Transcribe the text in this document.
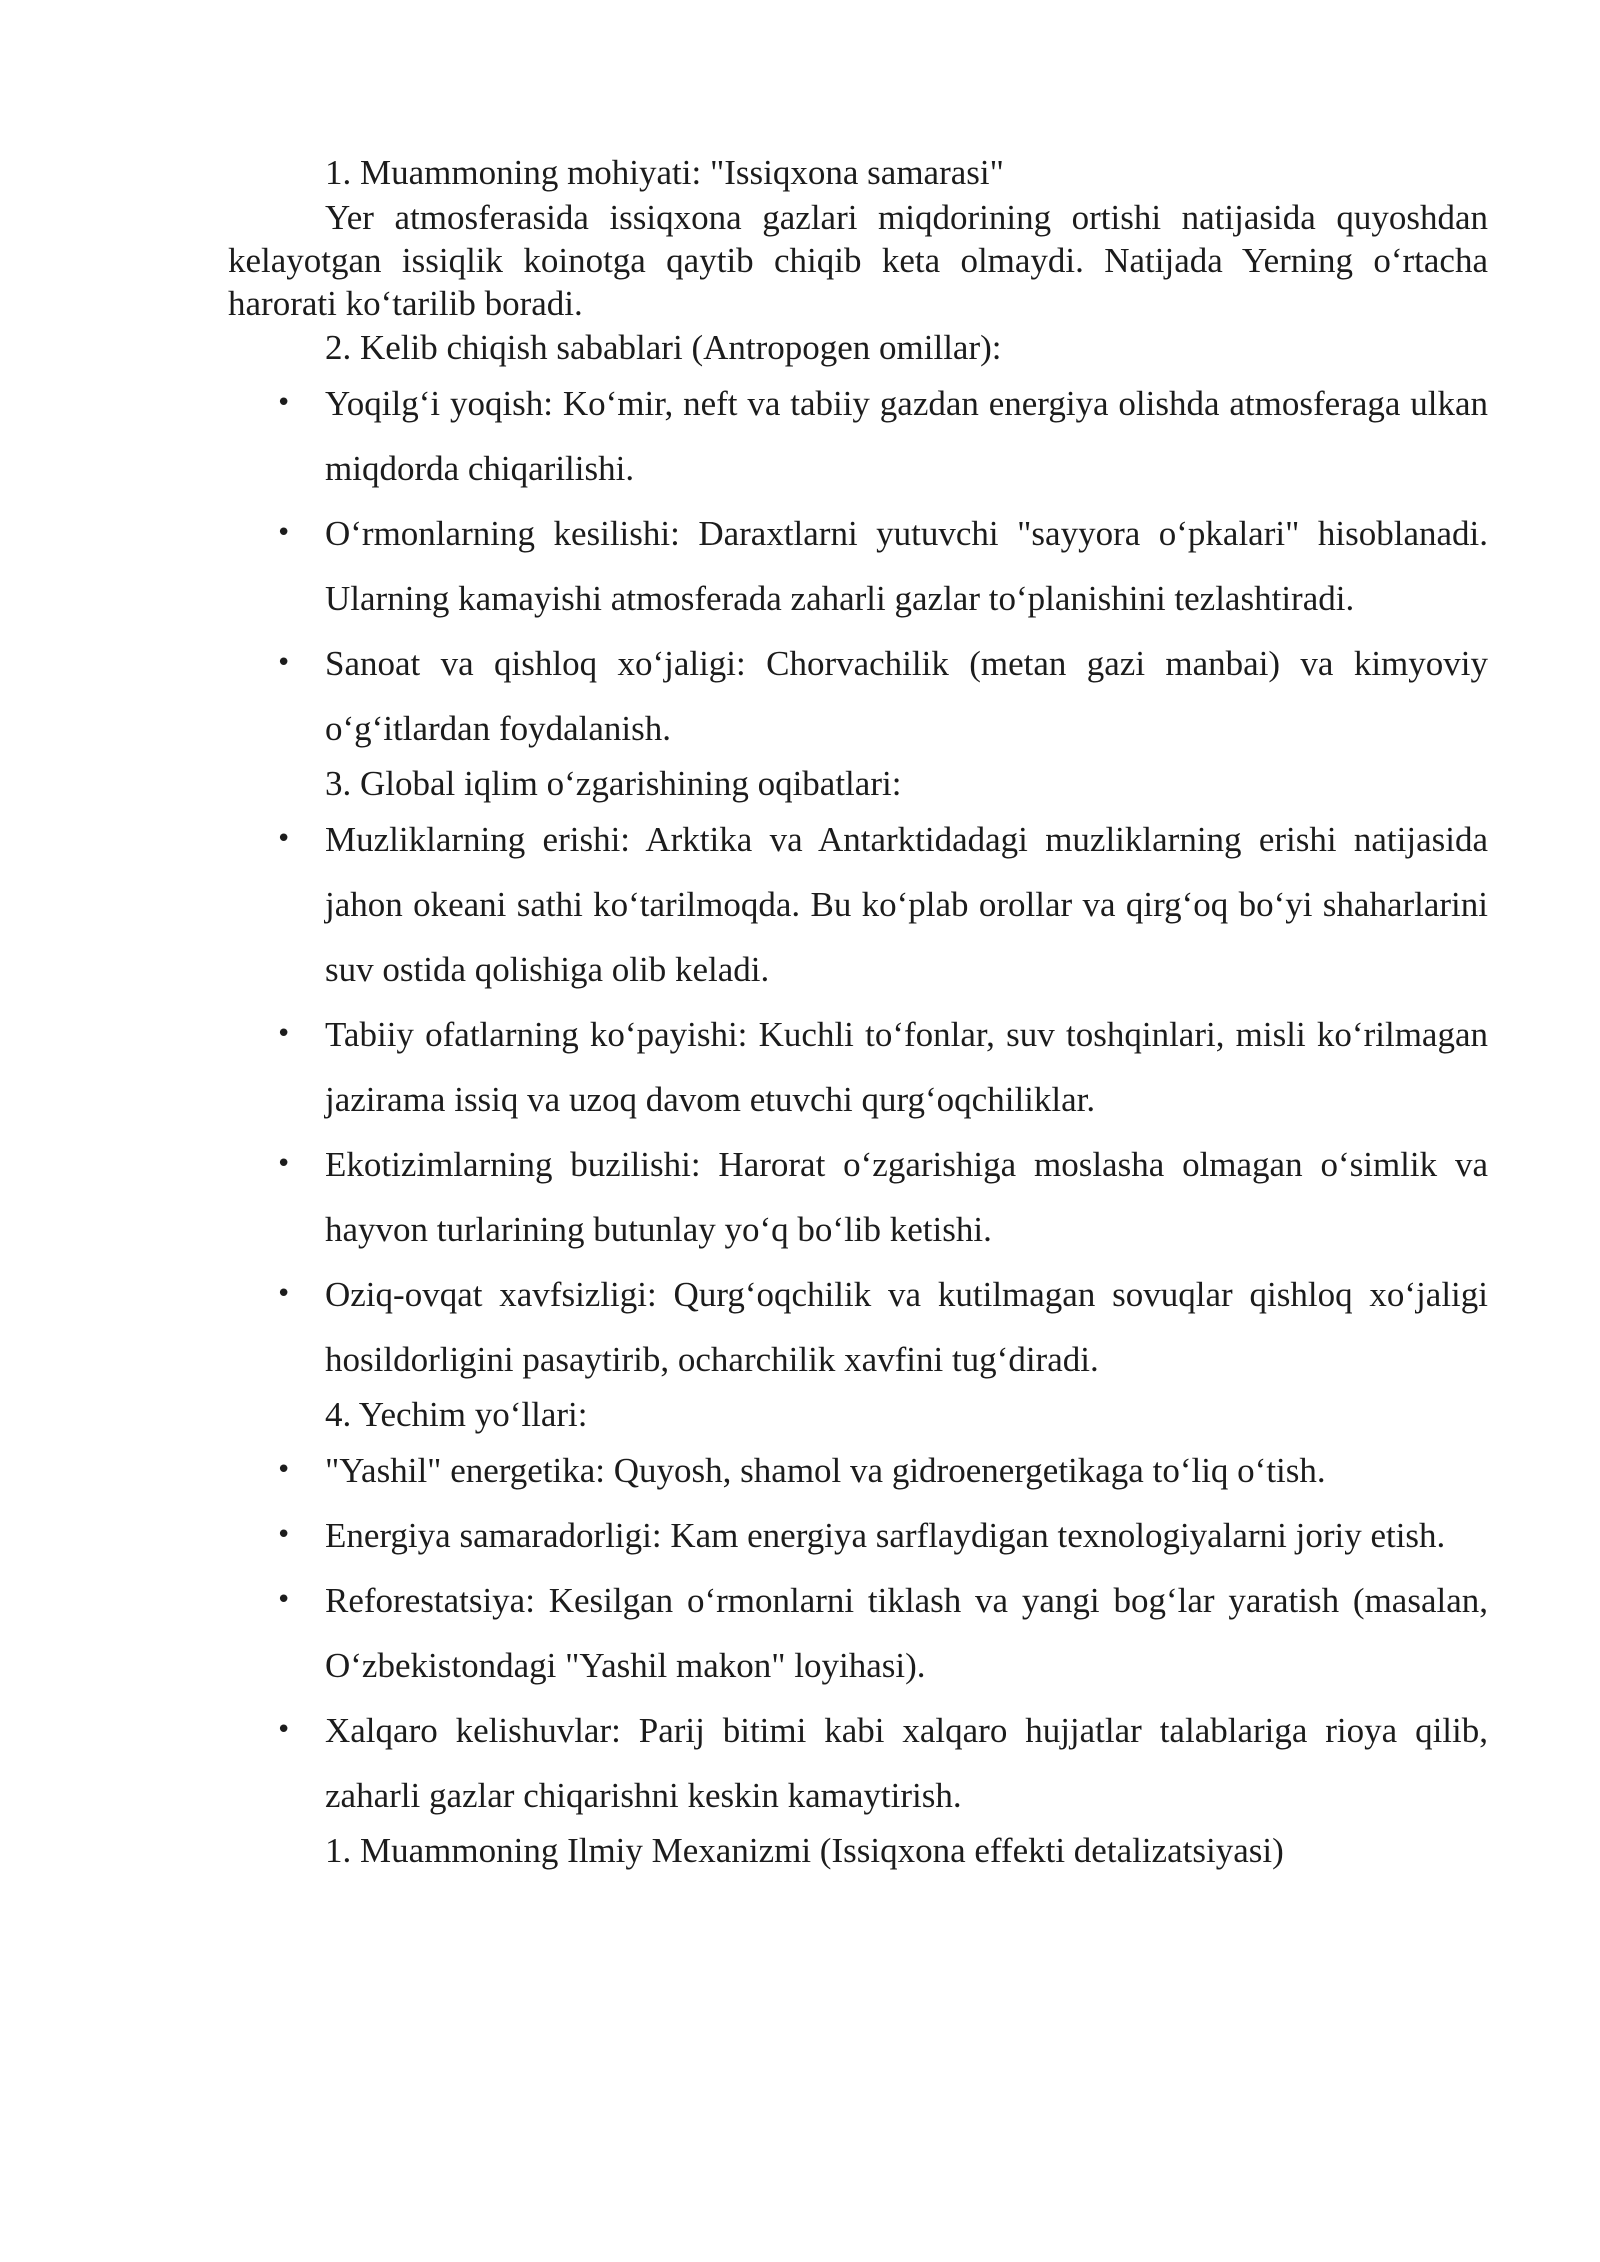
1. Muammoning mohiyati: "Issiqxona samarasi"

Yer atmosferasida issiqxona gazlari miqdorining ortishi natijasida quyoshdan kelayotgan issiqlik koinotga qaytib chiqib keta olmaydi. Natijada Yerning o‘rtacha harorati ko‘tarilib boradi.

2. Kelib chiqish sabablari (Antropogen omillar):

• Yoqilg‘i yoqish: Ko‘mir, neft va tabiiy gazdan energiya olishda atmosferaga ulkan miqdorda chiqarilishi.
• O‘rmonlarning kesilishi: Daraxtlarni yutuvchi "sayyora o‘pkalari" hisoblanadi. Ularning kamayishi atmosferada zaharli gazlar to‘planishini tezlashtiradi.
• Sanoat va qishloq xo‘jaligi: Chorvachilik (metan gazi manbai) va kimyoviy o‘g‘itlardan foydalanish.

3. Global iqlim o‘zgarishining oqibatlari:

• Muzliklarning erishi: Arktika va Antarktidadagi muzliklarning erishi natijasida jahon okeani sathi ko‘tarilmoqda. Bu ko‘plab orollar va qirg‘oq bo‘yi shaharlarini suv ostida qolishiga olib keladi.
• Tabiiy ofatlarning ko‘payishi: Kuchli to‘fonlar, suv toshqinlari, misli ko‘rilmagan jazirama issiq va uzoq davom etuvchi qurg‘oqchiliklar.
• Ekotizimlarning buzilishi: Harorat o‘zgarishiga moslasha olmagan o‘simlik va hayvon turlarining butunlay yo‘q bo‘lib ketishi.
• Oziq-ovqat xavfsizligi: Qurg‘oqchilik va kutilmagan sovuqlar qishloq xo‘jaligi hosildorligini pasaytirib, ocharchilik xavfini tug‘diradi.

4. Yechim yo‘llari:

• "Yashil" energetika: Quyosh, shamol va gidroenergetikaga to‘liq o‘tish.
• Energiya samaradorligi: Kam energiya sarflaydigan texnologiyalarni joriy etish.
• Reforestatsiya: Kesilgan o‘rmonlarni tiklash va yangi bog‘lar yaratish (masalan, O‘zbekistondagi "Yashil makon" loyihasi).
• Xalqaro kelishuvlar: Parij bitimi kabi xalqaro hujjatlar talablariga rioya qilib, zaharli gazlar chiqarishni keskin kamaytirish.

1. Muammoning Ilmiy Mexanizmi (Issiqxona effekti detalizatsiyasi)
